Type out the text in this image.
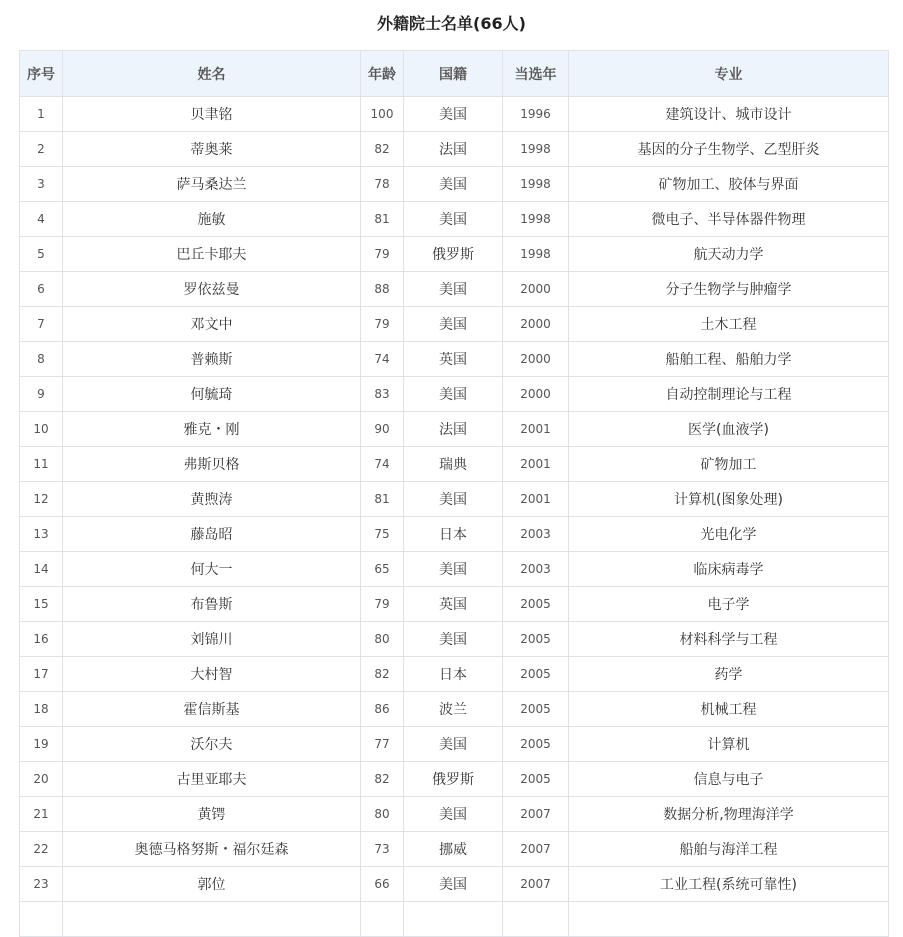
外籍院士名单(66人)
序号	姓名	年龄	国籍	当选年	专业
1	贝聿铭	100	美国	1996	建筑设计、城市设计
2	蒂奥莱	82	法国	1998	基因的分子生物学、乙型肝炎
3	萨马桑达兰	78	美国	1998	矿物加工、胶体与界面
4	施敏	81	美国	1998	微电子、半导体器件物理
5	巴丘卡耶夫	79	俄罗斯	1998	航天动力学
6	罗依兹曼	88	美国	2000	分子生物学与肿瘤学
7	邓文中	79	美国	2000	土木工程
8	普赖斯	74	英国	2000	船舶工程、船舶力学
9	何毓琦	83	美国	2000	自动控制理论与工程
10	雅克・刚	90	法国	2001	医学(血液学)
11	弗斯贝格	74	瑞典	2001	矿物加工
12	黄煦涛	81	美国	2001	计算机(图象处理)
13	藤岛昭	75	日本	2003	光电化学
14	何大一	65	美国	2003	临床病毒学
15	布鲁斯	79	英国	2005	电子学
16	刘锦川	80	美国	2005	材料科学与工程
17	大村智	82	日本	2005	药学
18	霍信斯基	86	波兰	2005	机械工程
19	沃尔夫	77	美国	2005	计算机
20	古里亚耶夫	82	俄罗斯	2005	信息与电子
21	黄锷	80	美国	2007	数据分析,物理海洋学
22	奥德马格努斯・福尔廷森	73	挪威	2007	船舶与海洋工程
23	郭位	66	美国	2007	工业工程(系统可靠性)
